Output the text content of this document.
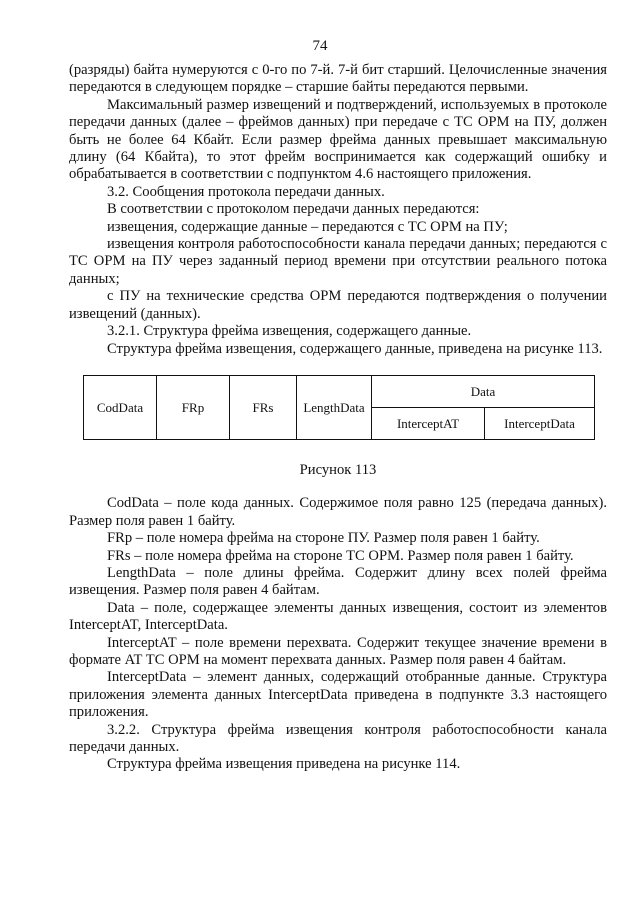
74

(разряды) байта нумеруются с 0-го по 7-й. 7-й бит старший. Целочисленные значения передаются в следующем порядке – старшие байты передаются первыми.

Максимальный размер извещений и подтверждений, используемых в протоколе передачи данных (далее – фреймов данных) при передаче с ТС ОРМ на ПУ, должен быть не более 64 Кбайт. Если размер фрейма данных превышает максимальную длину (64 Кбайта), то этот фрейм воспринимается как содержащий ошибку и обрабатывается в соответствии с подпунктом 4.6 настоящего приложения.

3.2. Сообщения протокола передачи данных.

В соответствии с протоколом передачи данных передаются:

извещения, содержащие данные – передаются с ТС ОРМ на ПУ;

извещения контроля работоспособности канала передачи данных; передаются с ТС ОРМ на ПУ через заданный период времени при отсутствии реального потока данных;

с ПУ на технические средства ОРМ передаются подтверждения о получении извещений (данных).

3.2.1. Структура фрейма извещения, содержащего данные.

Структура фрейма извещения, содержащего данные, приведена на рисунке 113.

CodData	FRp	FRs	LengthData	Data	
				InterceptAT	InterceptData
Рисунок 113

CodData – поле кода данных. Содержимое поля равно 125 (передача данных). Размер поля равен 1 байту.

FRp – поле номера фрейма на стороне ПУ. Размер поля равен 1 байту.

FRs – поле номера фрейма на стороне ТС ОРМ. Размер поля равен 1 байту.

LengthData – поле длины фрейма. Содержит длину всех полей фрейма извещения. Размер поля равен 4 байтам.

Data – поле, содержащее элементы данных извещения, состоит из элементов InterceptAT, InterceptData.

InterceptAT – поле времени перехвата. Содержит текущее значение времени в формате AT ТС ОРМ на момент перехвата данных. Размер поля равен 4 байтам.

InterceptData – элемент данных, содержащий отобранные данные. Структура приложения элемента данных InterceptData приведена в подпункте 3.3 настоящего приложения.

3.2.2. Структура фрейма извещения контроля работоспособности канала передачи данных.

Структура фрейма извещения приведена на рисунке 114.
